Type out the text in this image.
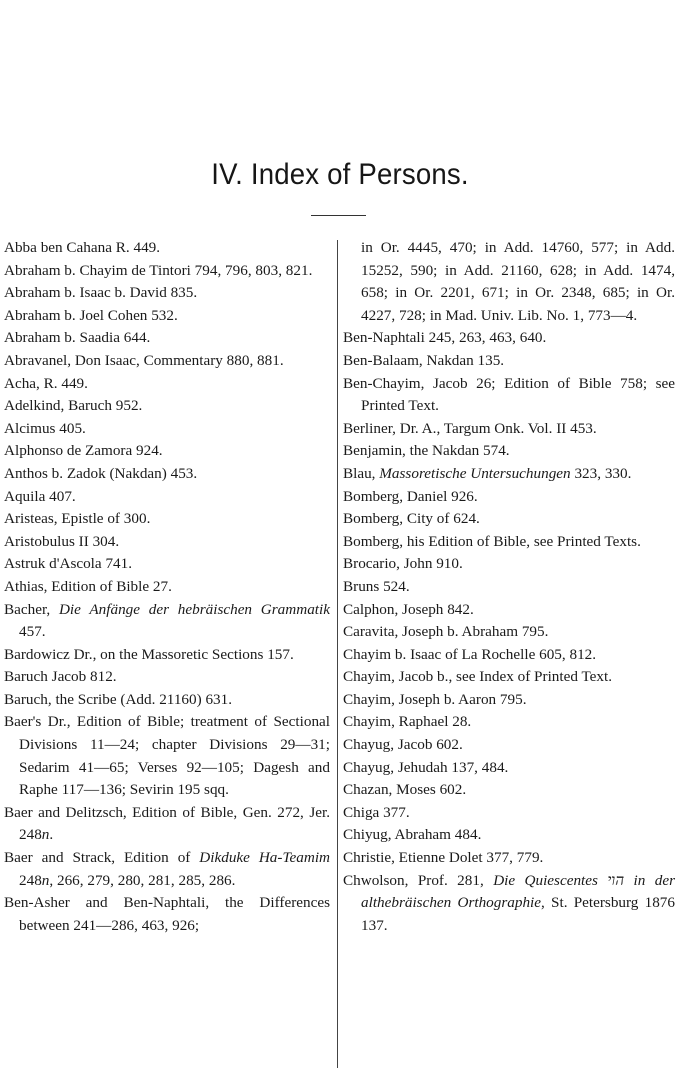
IV. Index of Persons.

Abba ben Cahana R. 449.

Abraham b. Chayim de Tintori 794, 796, 803, 821.

Abraham b. Isaac b. David 835.

Abraham b. Joel Cohen 532.

Abraham b. Saadia 644.

Abravanel, Don Isaac, Commentary 880, 881.

Acha, R. 449.

Adelkind, Baruch 952.

Alcimus 405.

Alphonso de Zamora 924.

Anthos b. Zadok (Nakdan) 453.

Aquila 407.

Aristeas, Epistle of 300.

Aristobulus II 304.

Astruk d'Ascola 741.

Athias, Edition of Bible 27.

Bacher, Die Anfänge der hebräischen Grammatik 457.

Bardowicz Dr., on the Massoretic Sections 157.

Baruch Jacob 812.

Baruch, the Scribe (Add. 21160) 631.

Baer's Dr., Edition of Bible; treatment of Sectional Divisions 11—24; chapter Divisions 29—31; Sedarim 41—65; Verses 92—105; Dagesh and Raphe 117—136; Sevirin 195 sqq.

Baer and Delitzsch, Edition of Bible, Gen. 272, Jer. 248n.

Baer and Strack, Edition of Dikduke Ha-Teamim 248n, 266, 279, 280, 281, 285, 286.

Ben-Asher and Ben-Naphtali, the Differences between 241—286, 463, 926;

in Or. 4445, 470; in Add. 14760, 577; in Add. 15252, 590; in Add. 21160, 628; in Add. 1474, 658; in Or. 2201, 671; in Or. 2348, 685; in Or. 4227, 728; in Mad. Univ. Lib. No. 1, 773—4.

Ben-Naphtali 245, 263, 463, 640.

Ben-Balaam, Nakdan 135.

Ben-Chayim, Jacob 26; Edition of Bible 758; see Printed Text.

Berliner, Dr. A., Targum Onk. Vol. II 453.

Benjamin, the Nakdan 574.

Blau, Massoretische Untersuchungen 323, 330.

Bomberg, Daniel 926.

Bomberg, City of 624.

Bomberg, his Edition of Bible, see Printed Texts.

Brocario, John 910.

Bruns 524.

Calphon, Joseph 842.

Caravita, Joseph b. Abraham 795.

Chayim b. Isaac of La Rochelle 605, 812.

Chayim, Jacob b., see Index of Printed Text.

Chayim, Joseph b. Aaron 795.

Chayim, Raphael 28.

Chayug, Jacob 602.

Chayug, Jehudah 137, 484.

Chazan, Moses 602.

Chiga 377.

Chiyug, Abraham 484.

Christie, Etienne Dolet 377, 779.

Chwolson, Prof. 281, Die Quiescentes הוי in der althebräischen Orthographie, St. Petersburg 1876 137.
